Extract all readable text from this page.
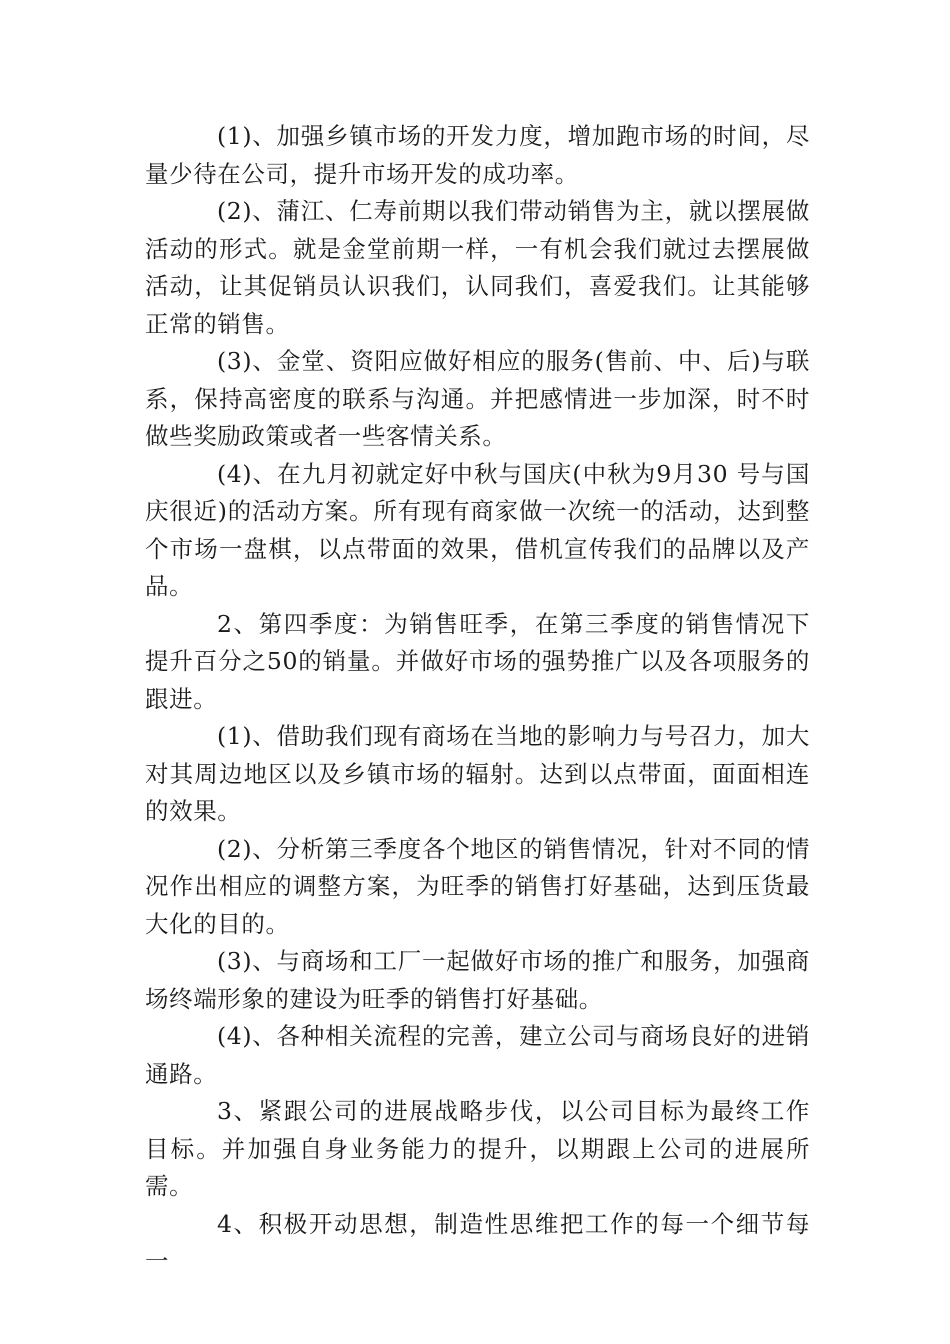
(1)、加强乡镇市场的开发力度，增加跑市场的时间，尽量少待在公司，提升市场开发的成功率。

(2)、蒲江、仁寿前期以我们带动销售为主，就以摆展做活动的形式。就是金堂前期一样，一有机会我们就过去摆展做活动，让其促销员认识我们，认同我们，喜爱我们。让其能够正常的销售。

(3)、金堂、资阳应做好相应的服务(售前、中、后)与联系，保持高密度的联系与沟通。并把感情进一步加深，时不时做些奖励政策或者一些客情关系。

(4)、在九月初就定好中秋与国庆(中秋为9月30 号与国庆很近)的活动方案。所有现有商家做一次统一的活动，达到整个市场一盘棋，以点带面的效果，借机宣传我们的品牌以及产品。

2、第四季度：为销售旺季，在第三季度的销售情况下提升百分之50的销量。并做好市场的强势推广以及各项服务的跟进。

(1)、借助我们现有商场在当地的影响力与号召力，加大对其周边地区以及乡镇市场的辐射。达到以点带面，面面相连的效果。

(2)、分析第三季度各个地区的销售情况，针对不同的情况作出相应的调整方案，为旺季的销售打好基础，达到压货最大化的目的。

(3)、与商场和工厂一起做好市场的推广和服务，加强商场终端形象的建设为旺季的销售打好基础。

(4)、各种相关流程的完善，建立公司与商场良好的进销通路。

3、紧跟公司的进展战略步伐，以公司目标为最终工作目标。并加强自身业务能力的提升，以期跟上公司的进展所需。

4、积极开动思想，制造性思维把工作的每一个细节每一
